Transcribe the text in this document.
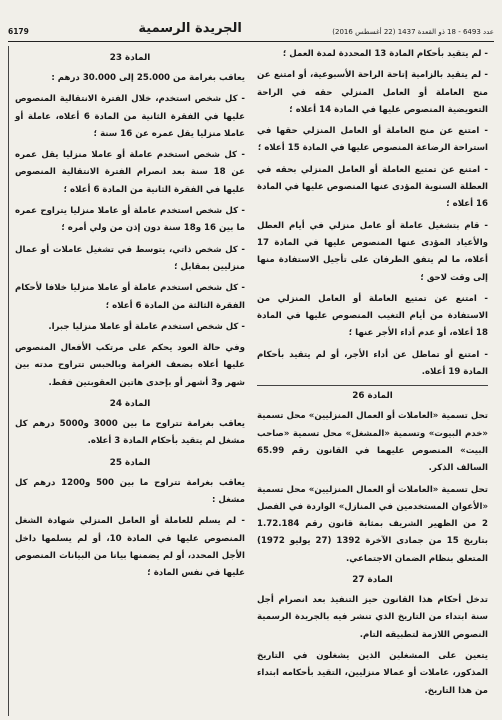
6179	الجريدة الرسمية	عدد 6493 - 18 ذو القعدة 1437 (22 أغسطس 2016)
المادة 23

يعاقب بغرامة من 25.000 إلى 30.000 درهم :

- كل شخص استخدم، خلال الفترة الانتقالية المنصوص عليها في الفقرة الثانية من المادة 6 أعلاه، عاملة أو عاملا منزليا يقل عمره عن 16 سنة ؛

- كل شخص استخدم عاملة أو عاملا منزليا يقل عمره عن 18 سنة بعد انصرام الفترة الانتقالية المنصوص عليها في الفقرة الثانية من المادة 6 أعلاه ؛

- كل شخص استخدم عاملة أو عاملا منزليا يتراوح عمره ما بين 16 و18 سنة دون إذن من ولي أمره ؛

- كل شخص ذاتي، يتوسط في تشغيل عاملات أو عمال منزليين بمقابل ؛

- كل شخص استخدم عاملة أو عاملا منزليا خلافا لأحكام الفقرة الثالثة من المادة 6 أعلاه ؛

- كل شخص استخدم عاملة أو عاملا منزليا جبرا.

وفي حالة العود يحكم على مرتكب الأفعال المنصوص عليها أعلاه بضعف الغرامة وبالحبس تتراوح مدته بين شهر و3 أشهر أو بإحدى هاتين العقوبتين فقط.

المادة 24

يعاقب بغرامة تتراوح ما بين 3000 و5000 درهم كل مشغل لم يتقيد بأحكام المادة 3 أعلاه.

المادة 25

يعاقب بغرامة تتراوح ما بين 500 و1200 درهم كل مشغل :

- لم يسلم للعاملة أو العامل المنزلي شهادة الشغل المنصوص عليها في المادة 10، أو لم يسلمها داخل الأجل المحدد، أو لم يضمنها بيانا من البيانات المنصوص عليها في نفس المادة ؛

- لم يتقيد بأحكام المادة 13 المحددة لمدة العمل ؛

- لم يتقيد بالزامية إتاحة الراحة الأسبوعية، أو امتنع عن منح العاملة أو العامل المنزلي حقه في الراحة التعويضية المنصوص عليها في المادة 14 أعلاه ؛

- امتنع عن منح العاملة أو العامل المنزلي حقها في استراحة الرضاعة المنصوص عليها في المادة 15 أعلاه ؛

- امتنع عن تمتيع العاملة أو العامل المنزلي بحقه في العطلة السنوية المؤدى عنها المنصوص عليها في المادة 16 أعلاه ؛

- قام بتشغيل عاملة أو عامل منزلي في أيام العطل والأعياد المؤدى عنها المنصوص عليها في المادة 17 أعلاه، ما لم يتفق الطرفان على تأجيل الاستفادة منها إلى وقت لاحق ؛

- امتنع عن تمتيع العاملة أو العامل المنزلي من الاستفادة من أيام التغيب المنصوص عليها في المادة 18 أعلاه، أو عدم أداء الأجر عنها ؛

- امتنع أو تماطل عن أداء الأجر، أو لم يتقيد بأحكام المادة 19 أعلاه.

المادة 26

تحل تسمية «العاملات أو العمال المنزليين» محل تسمية «خدم البيوت» وتسمية «المشغل» محل تسمية «صاحب البيت» المنصوص عليهما في القانون رقم 65.99 السالف الذكر.

تحل تسمية «العاملات أو العمال المنزليين» محل تسمية «الأعوان المستخدمين في المنازل» الواردة في الفصل 2 من الظهير الشريف بمثابة قانون رقم 1.72.184 بتاريخ 15 من جمادى الآخرة 1392 (27 يوليو 1972) المتعلق بنظام الضمان الاجتماعي.

المادة 27

تدخل أحكام هذا القانون حيز التنفيذ بعد انصرام أجل سنة ابتداء من التاريخ الذي تنشر فيه بالجريدة الرسمية النصوص اللازمة لتطبيقه التام.

يتعين على المشغلين الذين يشغلون في التاريخ المذكور، عاملات أو عمالا منزليين، التقيد بأحكامه ابتداء من هذا التاريخ.
